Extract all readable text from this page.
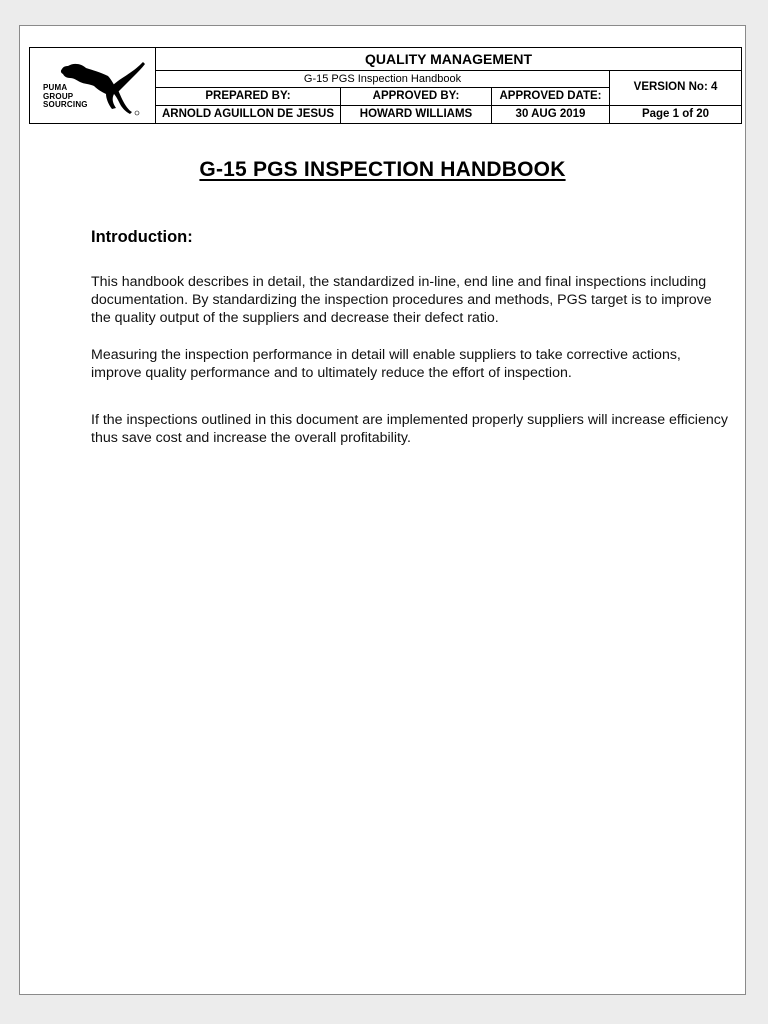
PUMA
GROUP
SOURCING	QUALITY MANAGEMENT			
	G-15 PGS Inspection Handbook			VERSION No: 4
	PREPARED BY:	APPROVED BY:	APPROVED DATE:	
	ARNOLD AGUILLON DE JESUS	HOWARD WILLIAMS	30 AUG 2019	Page 1 of 20
G-15 PGS INSPECTION HANDBOOK
Introduction:
This handbook describes in detail, the standardized in-line, end line and final inspections including documentation. By standardizing the inspection procedures and methods, PGS target is to improve the quality output of the suppliers and decrease their defect ratio.
Measuring the inspection performance in detail will enable suppliers to take corrective actions, improve quality performance and to ultimately reduce the effort of inspection.
If the inspections outlined in this document are implemented properly suppliers will increase efficiency thus save cost and increase the overall profitability.
